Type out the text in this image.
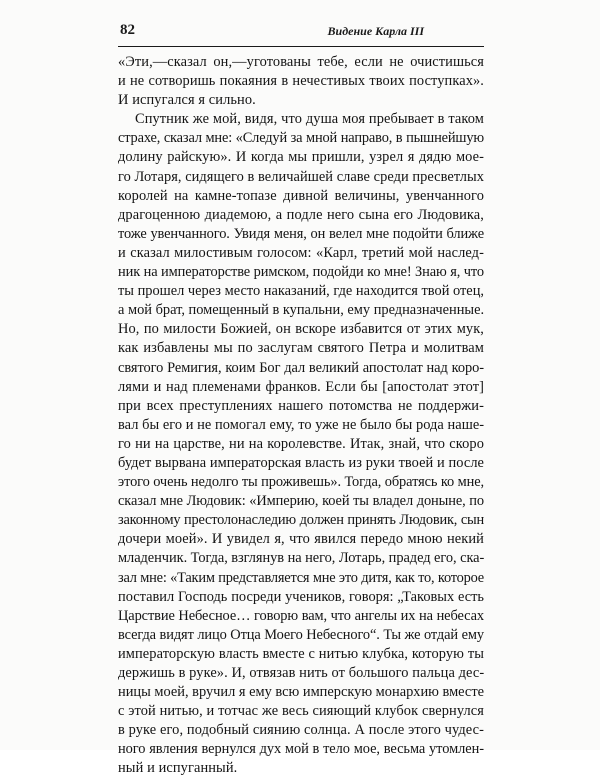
82	Видение Карла III
«Эти,—сказал он,—уготованы тебе, если не очистишься
и не сотворишь покаяния в нечестивых твоих поступках».
И испугался я сильно.
Спутник же мой, видя, что душа моя пребывает в таком
страхе, сказал мне: «Следуй за мной направо, в пышнейшую
долину райскую». И когда мы пришли, узрел я дядю мое-
го Лотаря, сидящего в величайшей славе среди пресветлых
королей на камне-топазе дивной величины, увенчанного
драгоценною диадемою, а подле него сына его Людовика,
тоже увенчанного. Увидя меня, он велел мне подойти ближе
и сказал милостивым голосом: «Карл, третий мой наслед-
ник на императорстве римском, подойди ко мне! Знаю я, что
ты прошел через место наказаний, где находится твой отец,
а мой брат, помещенный в купальни, ему предназначенные.
Но, по милости Божией, он вскоре избавится от этих мук,
как избавлены мы по заслугам святого Петра и молитвам
святого Ремигия, коим Бог дал великий апостолат над коро-
лями и над племенами франков. Если бы [апостолат этот]
при всех преступлениях нашего потомства не поддержи-
вал бы его и не помогал ему, то уже не было бы рода наше-
го ни на царстве, ни на королевстве. Итак, знай, что скоро
будет вырвана императорская власть из руки твоей и после
этого очень недолго ты проживешь». Тогда, обратясь ко мне,
сказал мне Людовик: «Империю, коей ты владел доныне, по
законному престолонаследию должен принять Людовик, сын
дочери моей». И увидел я, что явился передо мною некий
младенчик. Тогда, взглянув на него, Лотарь, прадед его, ска-
зал мне: «Таким представляется мне это дитя, как то, которое
поставил Господь посреди учеников, говоря: „Таковых есть
Царствие Небесное… говорю вам, что ангелы их на небесах
всегда видят лицо Отца Моего Небесного“. Ты же отдай ему
императорскую власть вместе с нитью клубка, которую ты
держишь в руке». И, отвязав нить от большого пальца дес-
ницы моей, вручил я ему всю имперскую монархию вместе
с этой нитью, и тотчас же весь сияющий клубок свернулся
в руке его, подобный сиянию солнца. А после этого чудес-
ного явления вернулся дух мой в тело мое, весьма утомлен-
ный и испуганный.
